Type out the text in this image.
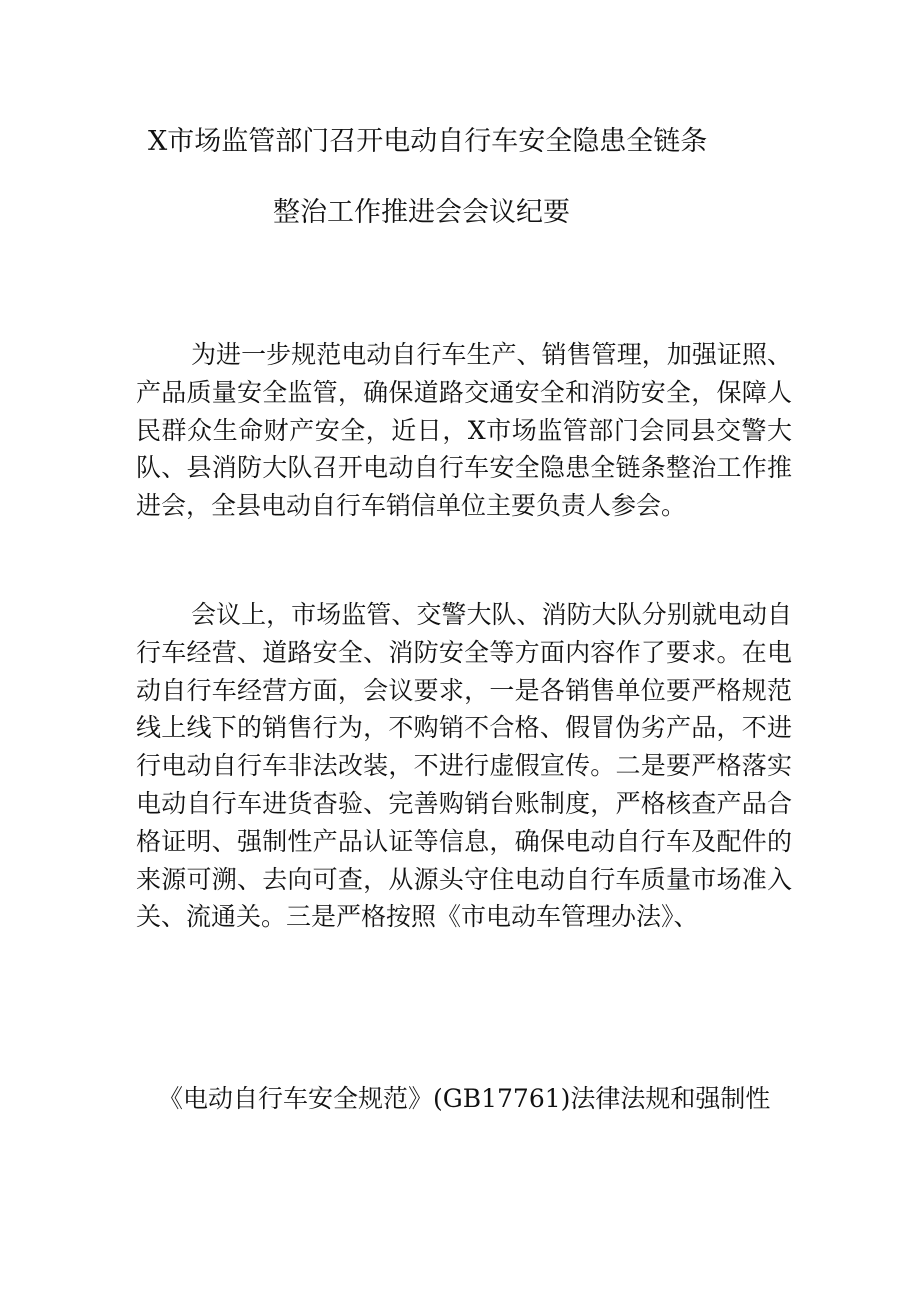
X市场监管部门召开电动自行车安全隐患全链条
整治工作推进会会议纪要

为进一步规范电动自行车生产、销售管理，加强证照、产品质量安全监管，确保道路交通安全和消防安全，保障人民群众生命财产安全，近日，X市场监管部门会同县交警大队、县消防大队召开电动自行车安全隐患全链条整治工作推进会，全县电动自行车销信单位主要负责人参会。

会议上，市场监管、交警大队、消防大队分别就电动自行车经营、道路安全、消防安全等方面内容作了要求。在电动自行车经营方面，会议要求，一是各销售单位要严格规范线上线下的销售行为，不购销不合格、假冒伪劣产品，不进行电动自行车非法改装，不进行虚假宣传。二是要严格落实电动自行车进货杳验、完善购销台账制度，严格核查产品合格证明、强制性产品认证等信息，确保电动自行车及配件的来源可溯、去向可查，从源头守住电动自行车质量市场准入关、流通关。三是严格按照《市电动车管理办法》、

《电动自行车安全规范》(GB17761)法律法规和强制性
